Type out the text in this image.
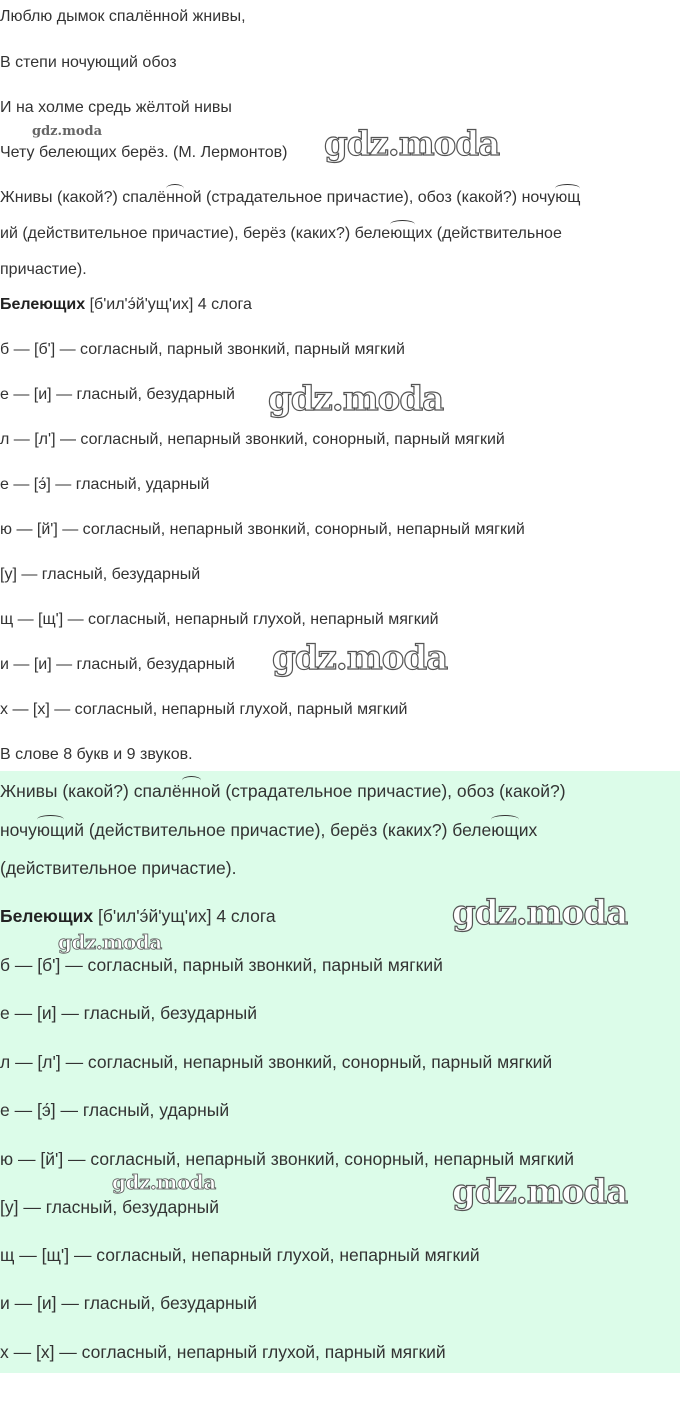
Люблю дымок спалённой жнивы,
В степи ночующий обоз
И на холме средь жёлтой нивы
Чету белеющих берёз. (М. Лермонтов)
Жнивы (какой?) спалённой (страдательное причастие), обоз (какой?) ночующ
ий (действительное причастие), берёз (каких?) белеющих (действительное
причастие).
Белеющих [б'ил'э́й'ущ'их] 4 слога
б — [б'] — согласный, парный звонкий, парный мягкий
е — [и] — гласный, безударный
л — [л'] — согласный, непарный звонкий, сонорный, парный мягкий
е — [э́] — гласный, ударный
ю — [й'] — согласный, непарный звонкий, сонорный, непарный мягкий
[у] — гласный, безударный
щ — [щ'] — согласный, непарный глухой, непарный мягкий
и — [и] — гласный, безударный
х — [х] — согласный, непарный глухой, парный мягкий
В слове 8 букв и 9 звуков.
Жнивы (какой?) спалённой (страдательное причастие), обоз (какой?)
ночующий (действительное причастие), берёз (каких?) белеющих
(действительное причастие).
Белеющих [б'ил'э́й'ущ'их] 4 слога
б — [б'] — согласный, парный звонкий, парный мягкий
е — [и] — гласный, безударный
л — [л'] — согласный, непарный звонкий, сонорный, парный мягкий
е — [э́] — гласный, ударный
ю — [й'] — согласный, непарный звонкий, сонорный, непарный мягкий
[у] — гласный, безударный
щ — [щ'] — согласный, непарный глухой, непарный мягкий
и — [и] — гласный, безударный
х — [х] — согласный, непарный глухой, парный мягкий
gdz.moda	gdz.moda
gdz.moda
gdz.moda
gdz.moda
gdz.moda
gdz.moda	gdz.moda
